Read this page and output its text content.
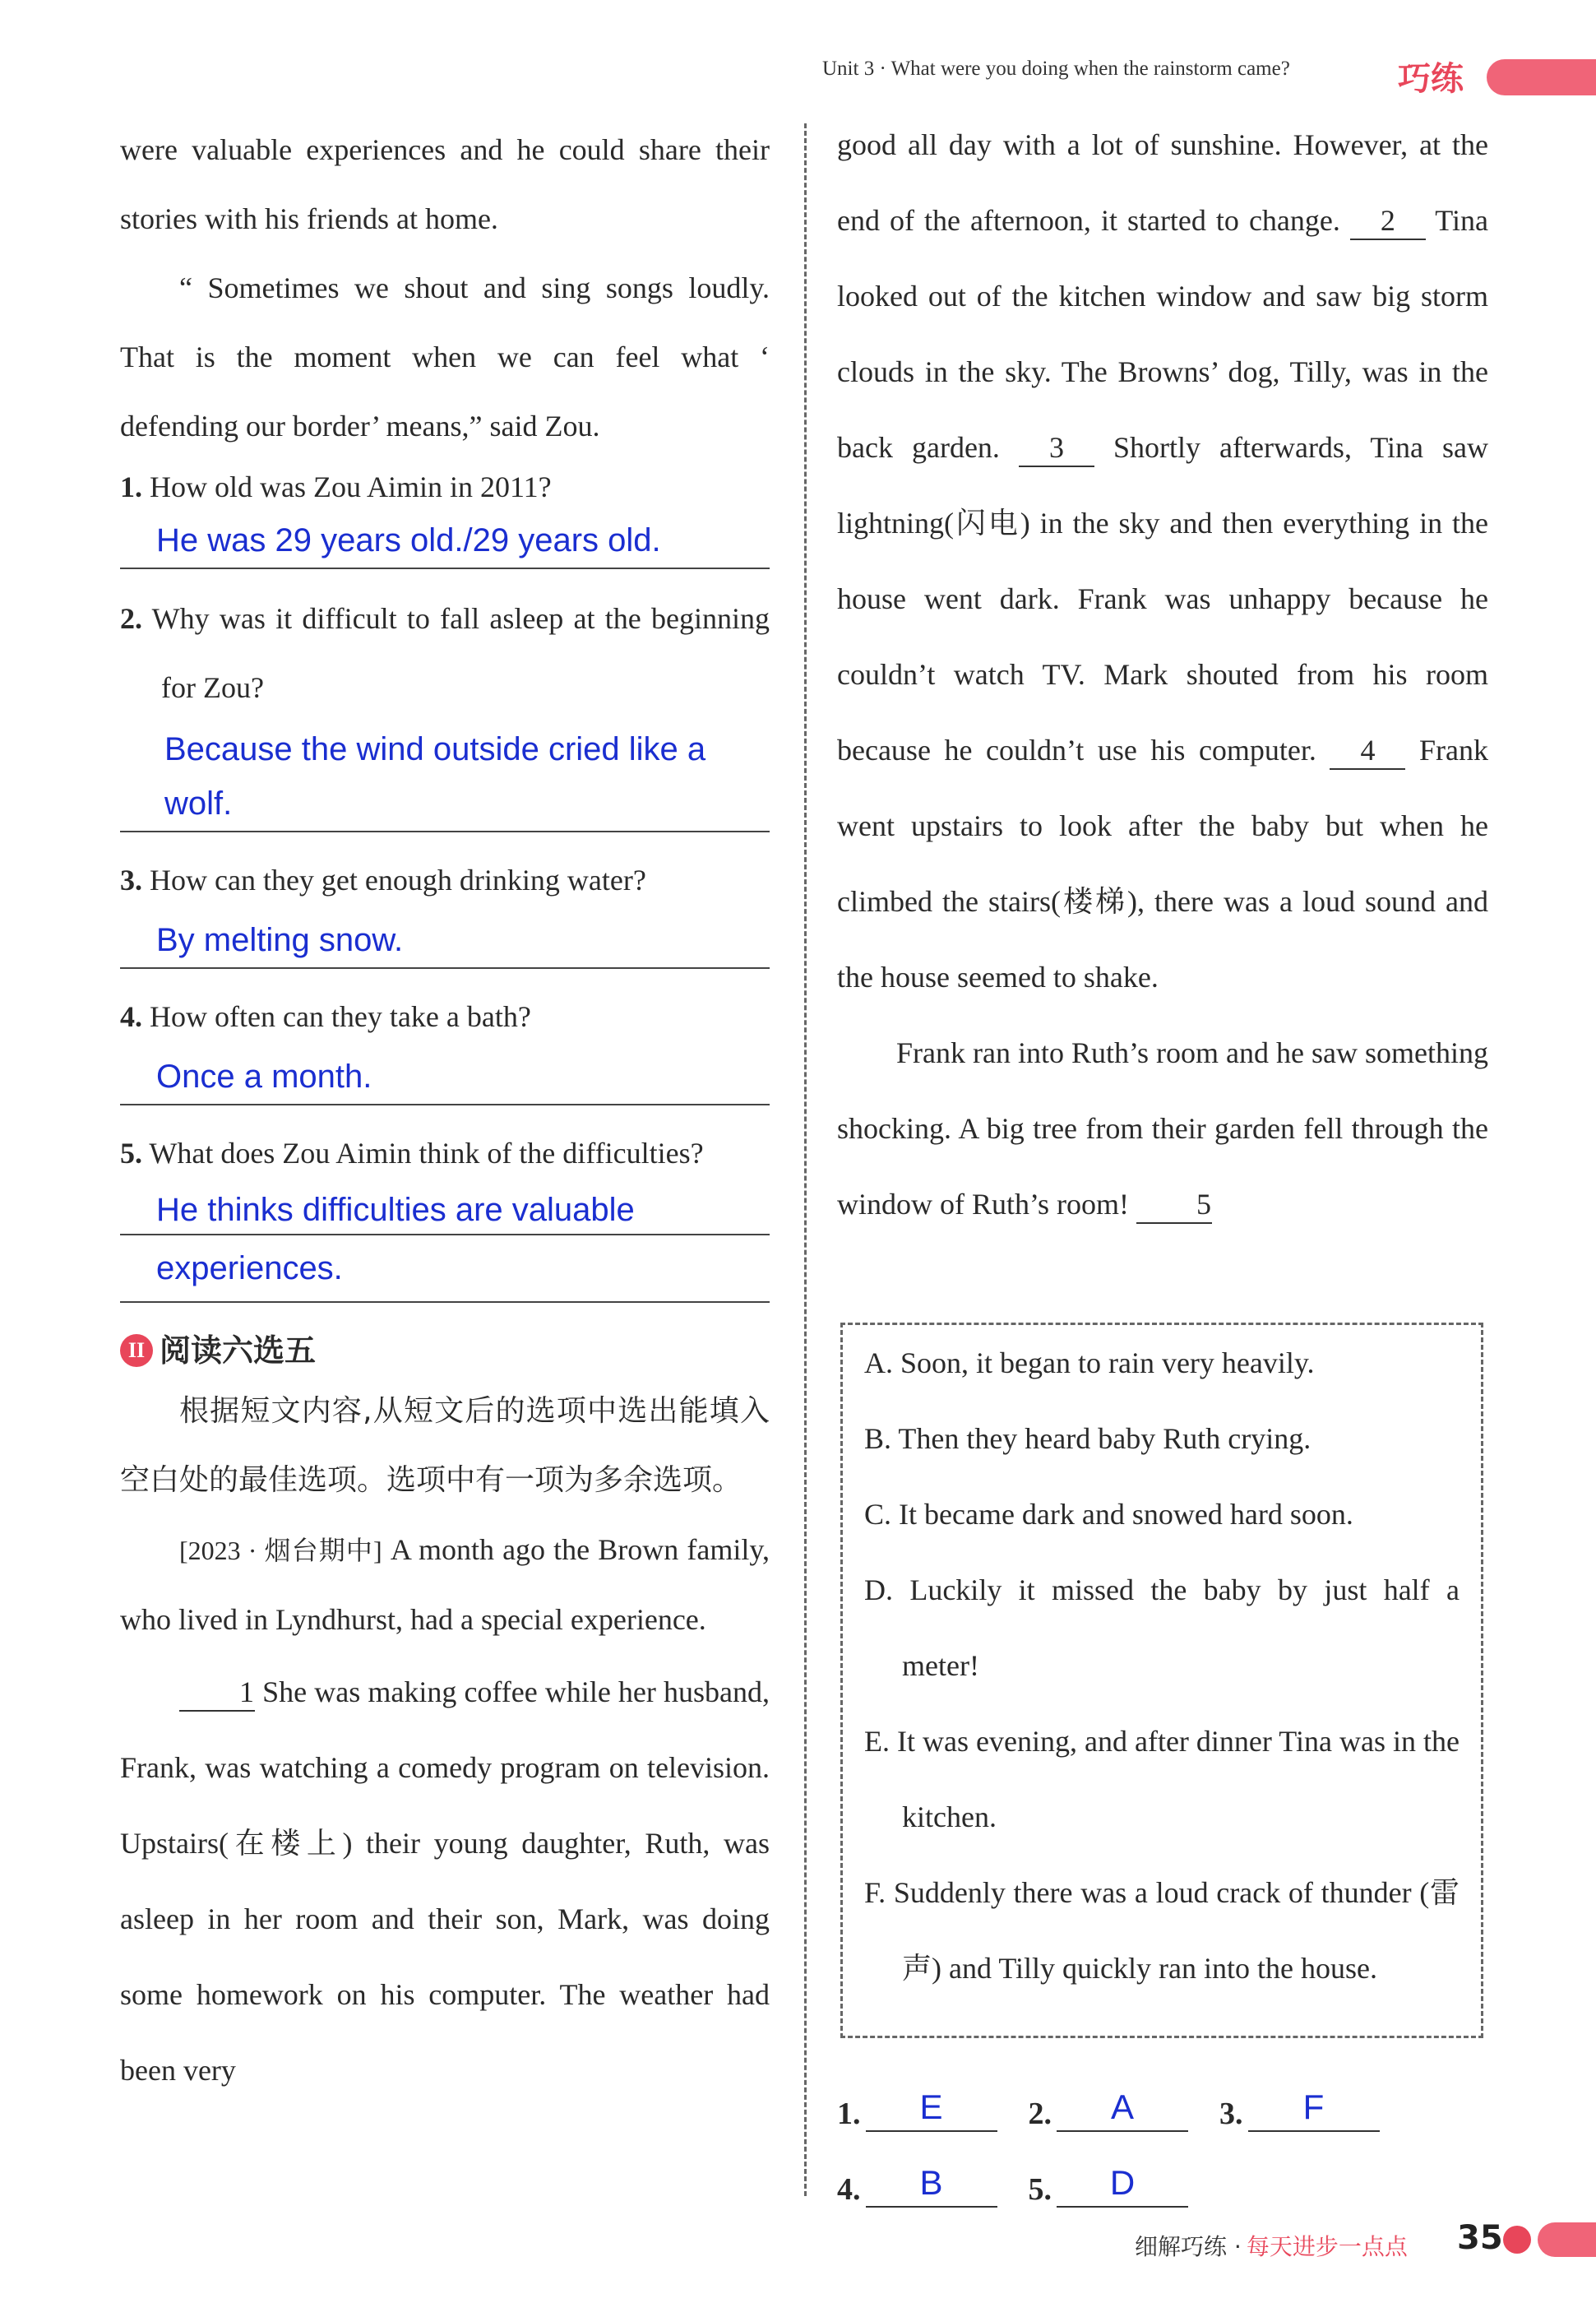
Unit 3 · What were you doing when the rainstorm came?	巧练

were valuable experiences and he could share their stories with his friends at home.

“ Sometimes we shout and sing songs loudly. That is the moment when we can feel what ‘ defending our border’ means,” said Zou.

1. How old was Zou Aimin in 2011?
He was 29 years old./29 years old.
2. Why was it difficult to fall asleep at the beginning for Zou?
Because the wind outside cried like a wolf.
3. How can they get enough drinking water?
By melting snow.
4. How often can they take a bath?
Once a month.
5. What does Zou Aimin think of the difficulties?
He thinks difficulties are valuable
experiences.
II 阅读六选五

根据短文内容,从短文后的选项中选出能填入空白处的最佳选项。选项中有一项为多余选项。

[2023 · 烟台期中] A month ago the Brown family, who lived in Lyndhurst, had a special experience.

1 She was making coffee while her husband, Frank, was watching a comedy program on television. Upstairs(在楼上) their young daughter, Ruth, was asleep in her room and their son, Mark, was doing some homework on his computer. The weather had been very

good all day with a lot of sunshine. However, at the end of the afternoon, it started to change. 2 Tina looked out of the kitchen window and saw big storm clouds in the sky. The Browns’ dog, Tilly, was in the back garden. 3 Shortly afterwards, Tina saw lightning(闪电) in the sky and then everything in the house went dark. Frank was unhappy because he couldn’t watch TV. Mark shouted from his room because he couldn’t use his computer. 4 Frank went upstairs to look after the baby but when he climbed the stairs(楼梯), there was a loud sound and the house seemed to shake.

Frank ran into Ruth’s room and he saw something shocking. A big tree from their garden fell through the window of Ruth’s room! 5

A. Soon, it began to rain very heavily.

B. Then they heard baby Ruth crying.

C. It became dark and snowed hard soon.

D. Luckily it missed the baby by just half a meter!

E. It was evening, and after dinner Tina was in the kitchen.

F. Suddenly there was a loud crack of thunder (雷声) and Tilly quickly ran into the house.

1.	E	2.	A	3.	F
4.	B	5.	D
细解巧练 · 每天进步一点点 35
